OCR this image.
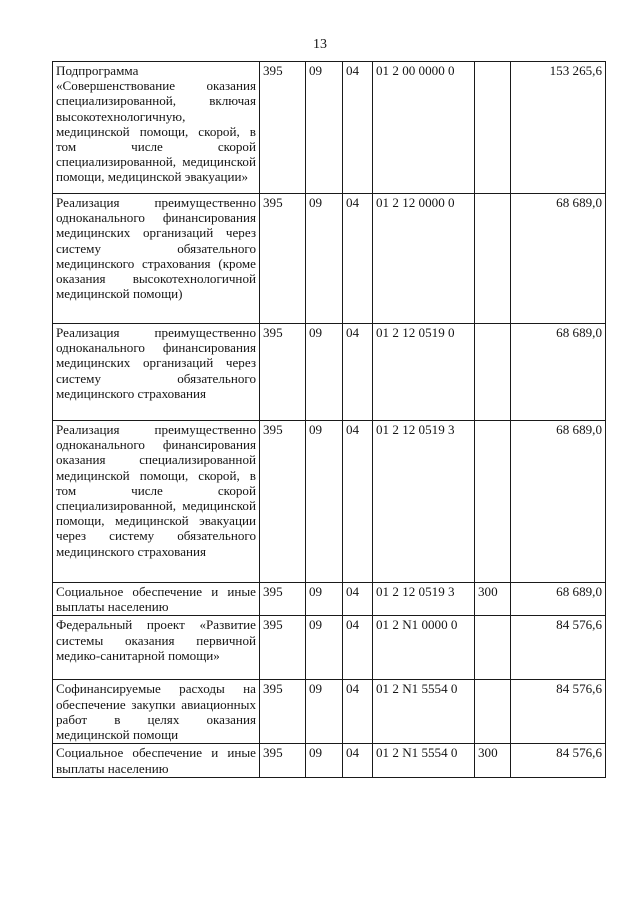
13
Подпрограмма «Совершенствование оказания специализированной, включая высокотехнологичную, медицинской помощи, скорой, в том числе скорой специализированной, медицинской помощи, медицинской эвакуации»	395	09	04	01 2 00 0000 0		153 265,6
Реализация преимущественно одноканального финансирования медицинских организаций через систему обязательного медицинского страхования (кроме оказания высокотехнологичной медицинской помощи)	395	09	04	01 2 12 0000 0		68 689,0
Реализация преимущественно одноканального финансирования медицинских организаций через систему обязательного медицинского страхования	395	09	04	01 2 12 0519 0		68 689,0
Реализация преимущественно одноканального финансирования оказания специализированной медицинской помощи, скорой, в том числе скорой специализированной, медицинской помощи, медицинской эвакуации через систему обязательного медицинского страхования	395	09	04	01 2 12 0519 3		68 689,0
Социальное обеспечение и иные выплаты населению	395	09	04	01 2 12 0519 3	300	68 689,0
Федеральный проект «Развитие системы оказания первичной медико-санитарной помощи»	395	09	04	01 2 N1 0000 0		84 576,6
Софинансируемые расходы на обеспечение закупки авиационных работ в целях оказания медицинской помощи	395	09	04	01 2 N1 5554 0		84 576,6
Социальное обеспечение и иные выплаты населению	395	09	04	01 2 N1 5554 0	300	84 576,6
